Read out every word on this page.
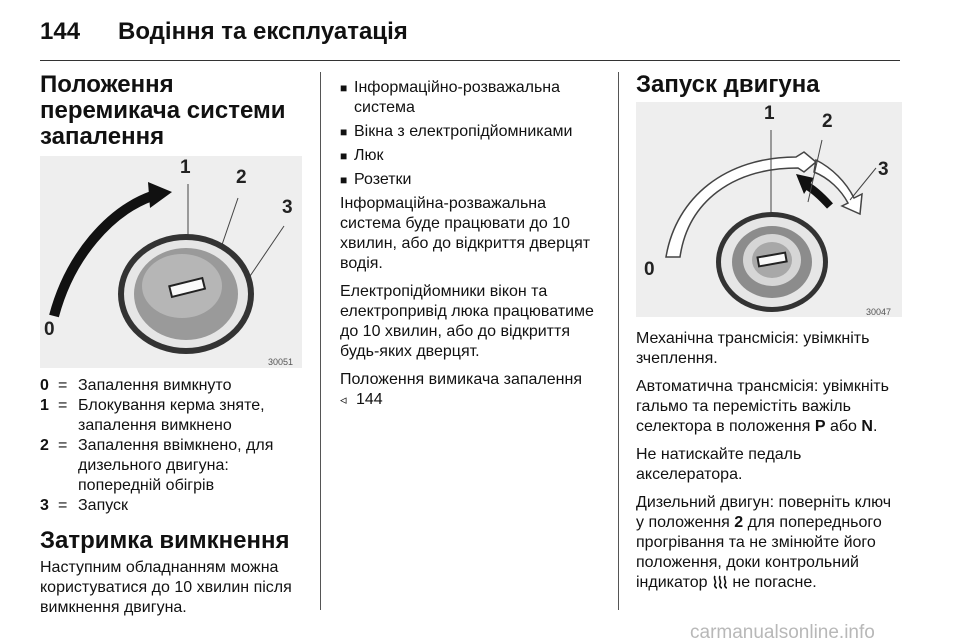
144 Водіння та експлуатація
Положення перемикача системи запалення
1 2
3
0
30051
0 = Запалення вимкнуто
1 = Блокування керма зняте, запалення вимкнено
2 = Запалення ввімкнено, для дизельного двигуна: попередній обігрів
3 = Запуск
Затримка вимкнення

Наступним обладнанням можна користуватися до 10 хвилин після вимкнення двигуна.

■ Інформаційно-розважальна система
■ Вікна з електропідйомниками
■ Люк
■ Розетки

Інформаційна-розважальна система буде працювати до 10 хвилин, або до відкриття дверцят водія.

Електропідйомники вікон та електропривід люка працюватиме до 10 хвилин, або до відкриття будь-яких дверцят.

Положення вимикача запалення

◃ 144
Запуск двигуна
1 2
3
0
30047

Механічна трансмісія: увімкніть зчеплення.

Автоматична трансмісія: увімкніть гальмо та перемістіть важіль селектора в положення P або N.

Не натискайте педаль акселератора.

Дизельний двигун: поверніть ключ у положення 2 для попереднього прогрівання та не змінюйте його положення, доки контрольний індикатор  не погасне.

carmanualsonline.info
